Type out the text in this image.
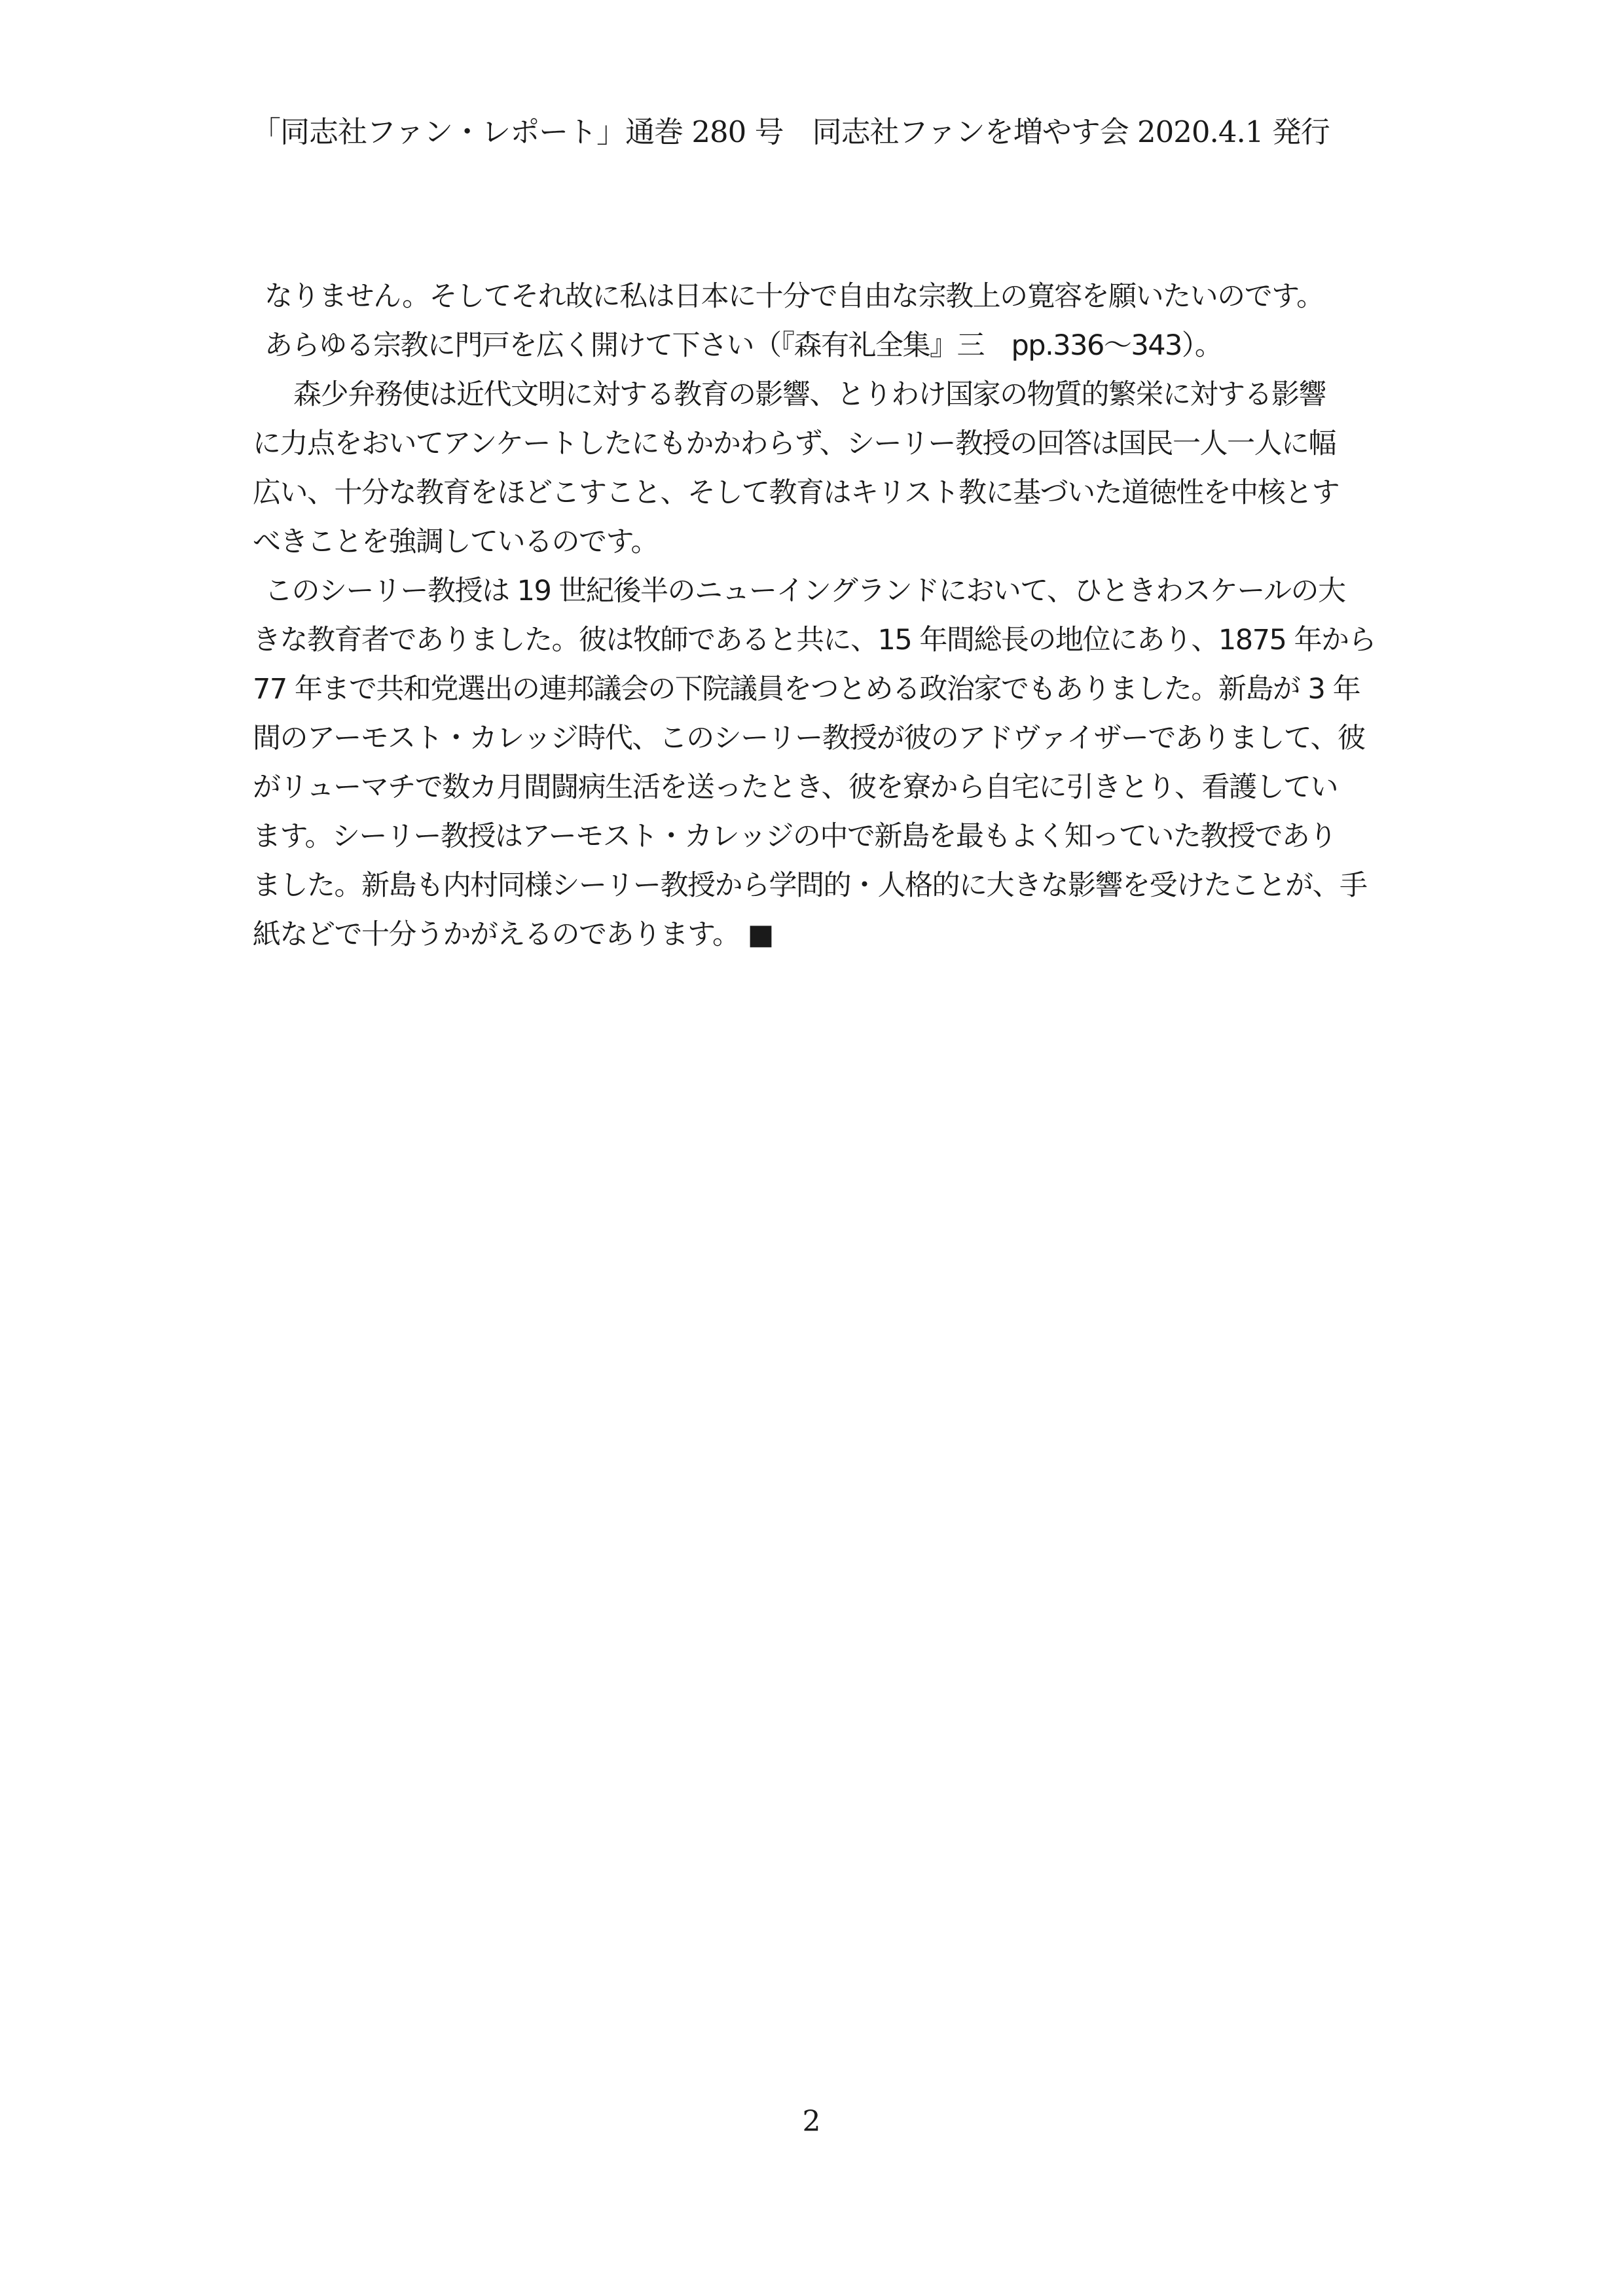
「同志社ファン・レポート」通巻 280 号　同志社ファンを増やす会 2020.4.1 発行
なりません。そしてそれ故に私は日本に十分で自由な宗教上の寛容を願いたいのです。
あらゆる宗教に門戸を広く開けて下さい（『森有礼全集』三　pp.336〜343）。
森少弁務使は近代文明に対する教育の影響、とりわけ国家の物質的繁栄に対する影響
に力点をおいてアンケートしたにもかかわらず、シーリー教授の回答は国民一人一人に幅
広い、十分な教育をほどこすこと、そして教育はキリスト教に基づいた道徳性を中核とす
べきことを強調しているのです。
このシーリー教授は 19 世紀後半のニューイングランドにおいて、ひときわスケールの大
きな教育者でありました。彼は牧師であると共に、15 年間総長の地位にあり、1875 年から
77 年まで共和党選出の連邦議会の下院議員をつとめる政治家でもありました。新島が 3 年
間のアーモスト・カレッジ時代、このシーリー教授が彼のアドヴァイザーでありまして、彼
がリューマチで数カ月間闘病生活を送ったとき、彼を寮から自宅に引きとり、看護してい
ます。シーリー教授はアーモスト・カレッジの中で新島を最もよく知っていた教授であり
ました。新島も内村同様シーリー教授から学問的・人格的に大きな影響を受けたことが、手
紙などで十分うかがえるのであります。 ■
2
